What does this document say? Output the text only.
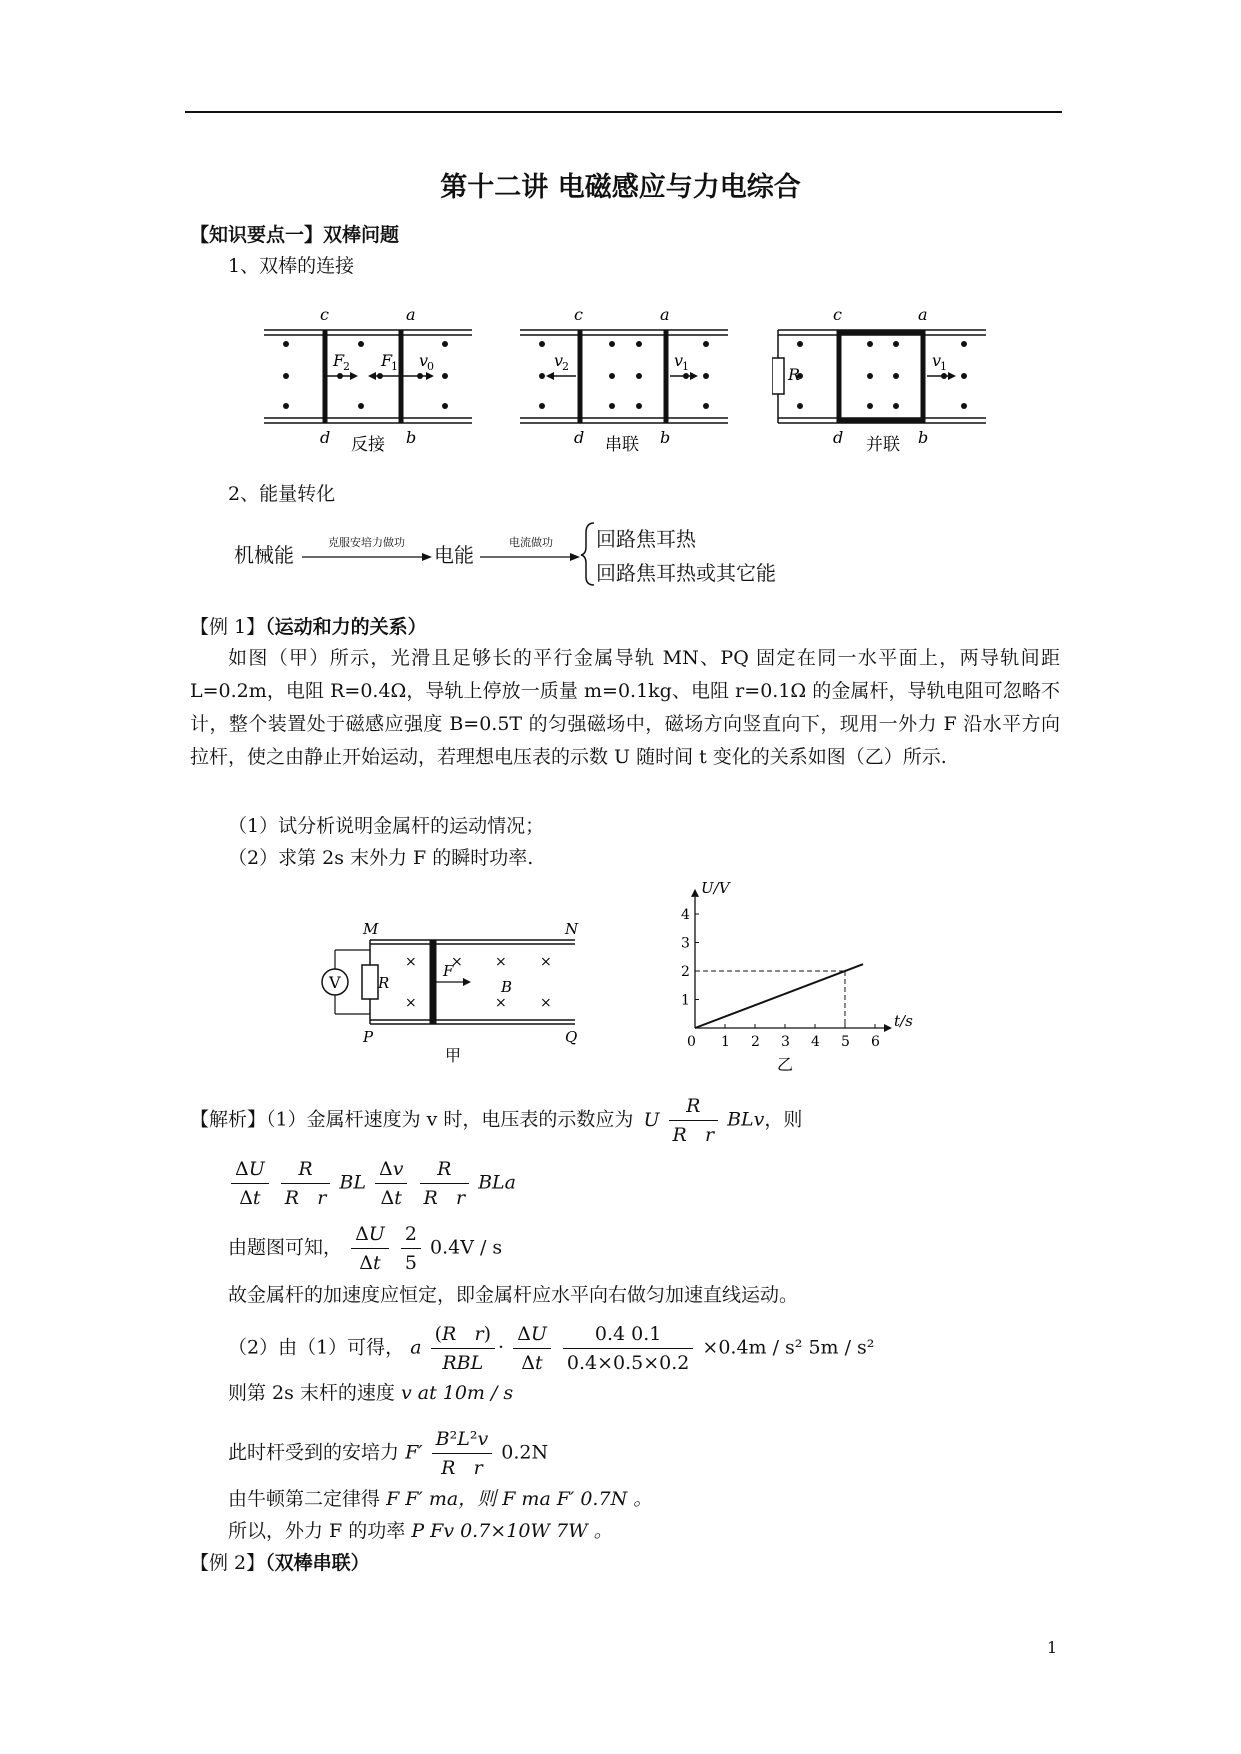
第十二讲 电磁感应与力电综合
【知识要点一】双棒问题
1、双棒的连接
c	a
d	b
F
2 F
1 v
0
反接
c	a
d	b
v
2	v
1
串联
R
c	a
d	b
v
1
并联
2、能量转化
机械能
克服安培力做功
电能
电流做功 回路焦耳热
回路焦耳热或其它能
【例 1】（运动和力的关系）
如图（甲）所示，光滑且足够长的平行金属导轨 MN、PQ 固定在同一水平面上，两导轨间距 L=0.2m，电阻 R=0.4Ω，导轨上停放一质量 m=0.1kg、电阻 r=0.1Ω 的金属杆，导轨电阻可忽略不计，整个装置处于磁感应强度 B=0.5T 的匀强磁场中，磁场方向竖直向下，现用一外力 F 沿水平方向拉杆，使之由静止开始运动，若理想电压表的示数 U 随时间 t 变化的关系如图（乙）所示.
（1）试分析说明金属杆的运动情况；
（2）求第 2s 末外力 F 的瞬时功率.
V R
F
B
×
×
× ×
×
×
×
M	N
P	Q
甲
0 1 2 3 4 5 6
1
2
3
4
U/V
t/s
乙
【解析】（1）金属杆速度为 v 时，电压表的示数应为 U $\frac{R}{\text{R   r}}$ BLv，则
$\frac{\Delta U}{\Delta t}$
$\frac{R}{\text{R   r}}$ BL $\frac{\Delta v}{\Delta t}$
$\frac{R}{\text{R   r}}$ BLa
由题图可知， $\frac{\Delta U}{\Delta t}$
$\frac{2}{5} 0.4V$ / s
故金属杆的加速度应恒定，即金属杆应水平向右做匀加速直线运动。
（2）由（1）可得， a $\frac{\text{(R r)}}{\text{RBL}} \cdot \frac{\Delta U}{\Delta t}$
$\frac{0.4 0.1}{0.4\times 0.5\times 0.2} \times 0.4m / s^2$ 5m / s²
则第 2s 末杆的速度 v at 10m / s
此时杆受到的安培力 $F' \frac{\text{B²L²v}}{\text{R   r}} 0.2N$
由牛顿第二定律得 F F′ ma，则 F ma F′ 0.7N 。
所以，外力 F 的功率 P Fv 0.7×10W 7W 。
【例 2】（双棒串联）
1
